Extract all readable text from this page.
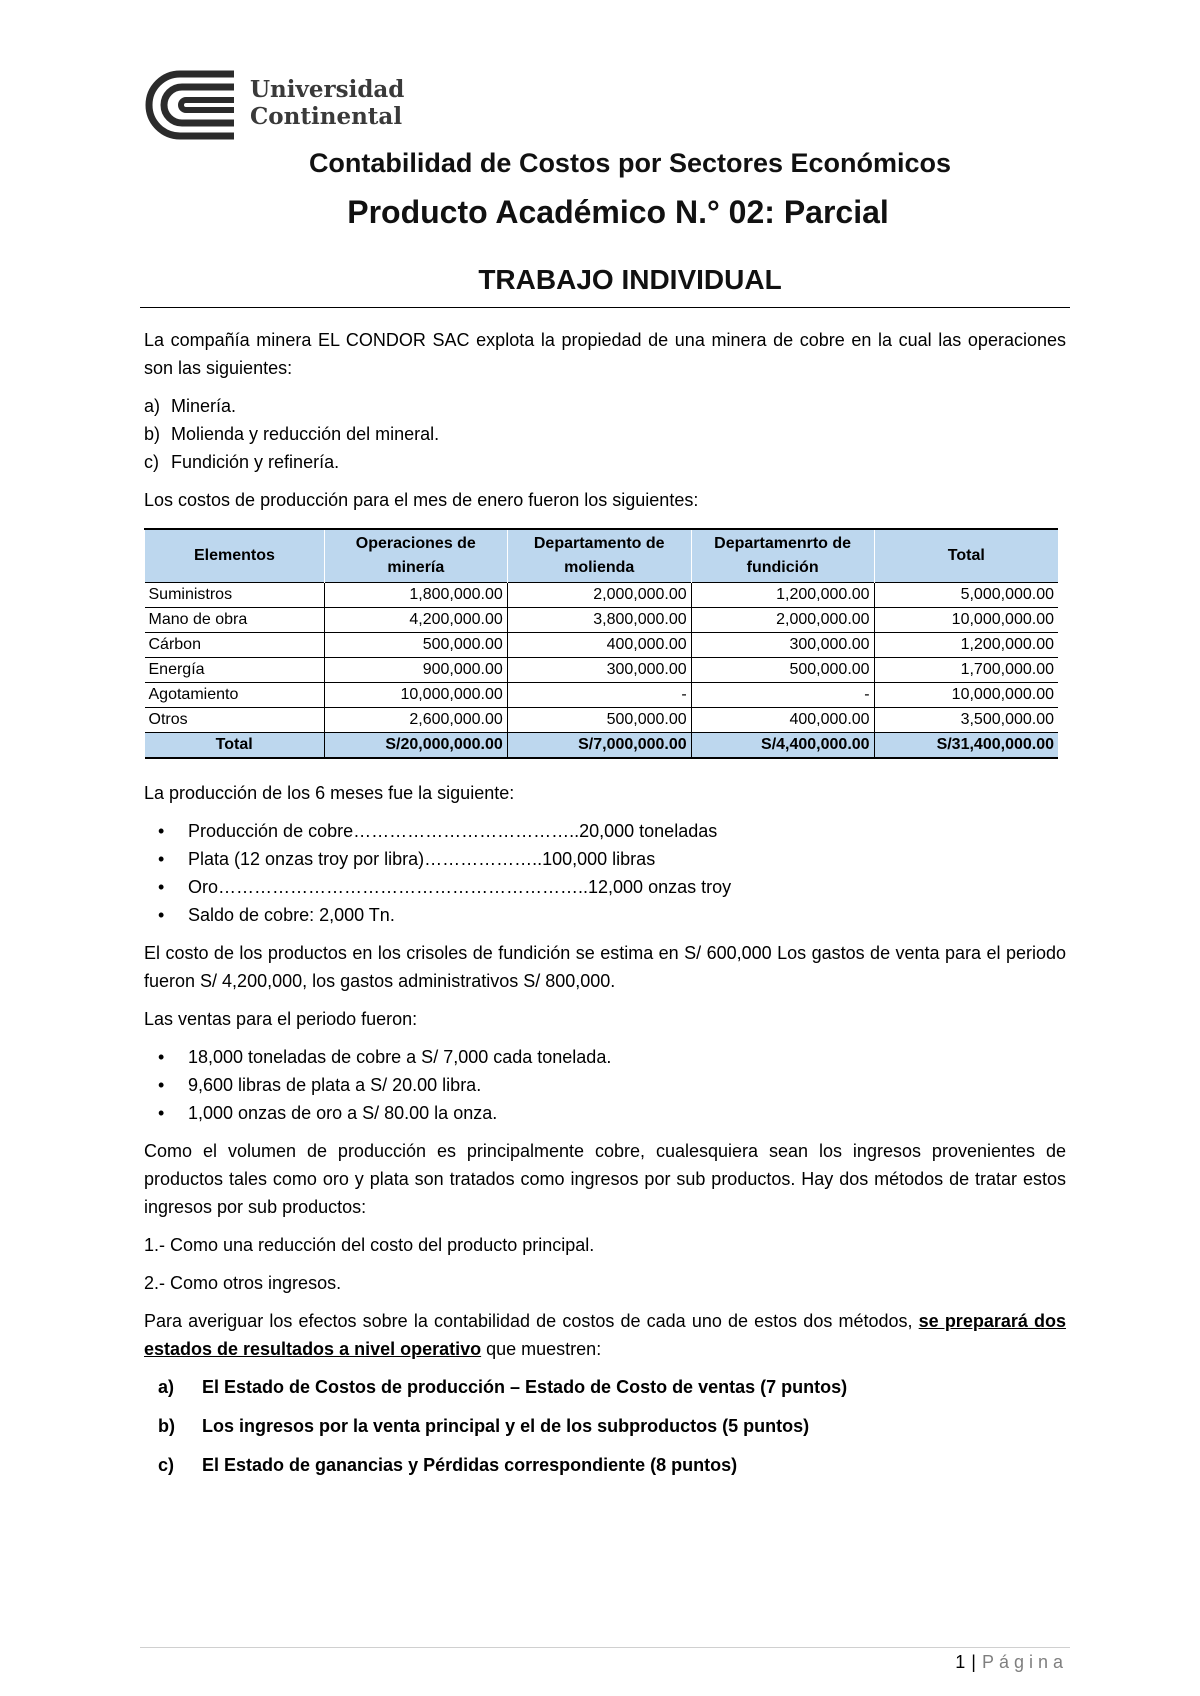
Universidad
Continental
Contabilidad de Costos por Sectores Económicos
Producto Académico N.° 02: Parcial
TRABAJO INDIVIDUAL

La compañía minera EL CONDOR SAC explota la propiedad de una minera de cobre en la cual las operaciones son las siguientes:

a) Minería.
b) Molienda y reducción del mineral.
c) Fundición y refinería.

Los costos de producción para el mes de enero fueron los siguientes:

Elementos	Operaciones de minería	Departamento de molienda	Departamenrto de fundición	Total
Suministros	1,800,000.00	2,000,000.00	1,200,000.00	5,000,000.00
Mano de obra	4,200,000.00	3,800,000.00	2,000,000.00	10,000,000.00
Cárbon	500,000.00	400,000.00	300,000.00	1,200,000.00
Energía	900,000.00	300,000.00	500,000.00	1,700,000.00
Agotamiento	10,000,000.00	-	-	10,000,000.00
Otros	2,600,000.00	500,000.00	400,000.00	3,500,000.00
Total	S/20,000,000.00	S/7,000,000.00	S/4,400,000.00	S/31,400,000.00

La producción de los 6 meses fue la siguiente:

•	Producción de cobre………………………………..20,000 toneladas
•	Plata (12 onzas troy por libra)………………..100,000 libras
•	Oro……………………………………………………..12,000 onzas troy
•	Saldo de cobre: 2,000 Tn.

El costo de los productos en los crisoles de fundición se estima en S/ 600,000 Los gastos de venta para el periodo fueron S/ 4,200,000, los gastos administrativos S/ 800,000.

Las ventas para el periodo fueron:

•	18,000 toneladas de cobre a S/ 7,000 cada tonelada.
•	9,600 libras de plata a S/ 20.00 libra.
•	1,000 onzas de oro a S/ 80.00 la onza.

Como el volumen de producción es principalmente cobre, cualesquiera sean los ingresos provenientes de productos tales como oro y plata son tratados como ingresos por sub productos. Hay dos métodos de tratar estos ingresos por sub productos:

1.- Como una reducción del costo del producto principal.

2.- Como otros ingresos.

Para averiguar los efectos sobre la contabilidad de costos de cada uno de estos dos métodos, se preparará dos estados de resultados a nivel operativo que muestren:

a)	El Estado de Costos de producción – Estado de Costo de ventas (7 puntos)
b)	Los ingresos por la venta principal y el de los subproductos (5 puntos)
c)	El Estado de ganancias y Pérdidas correspondiente (8 puntos)
1 | Página
